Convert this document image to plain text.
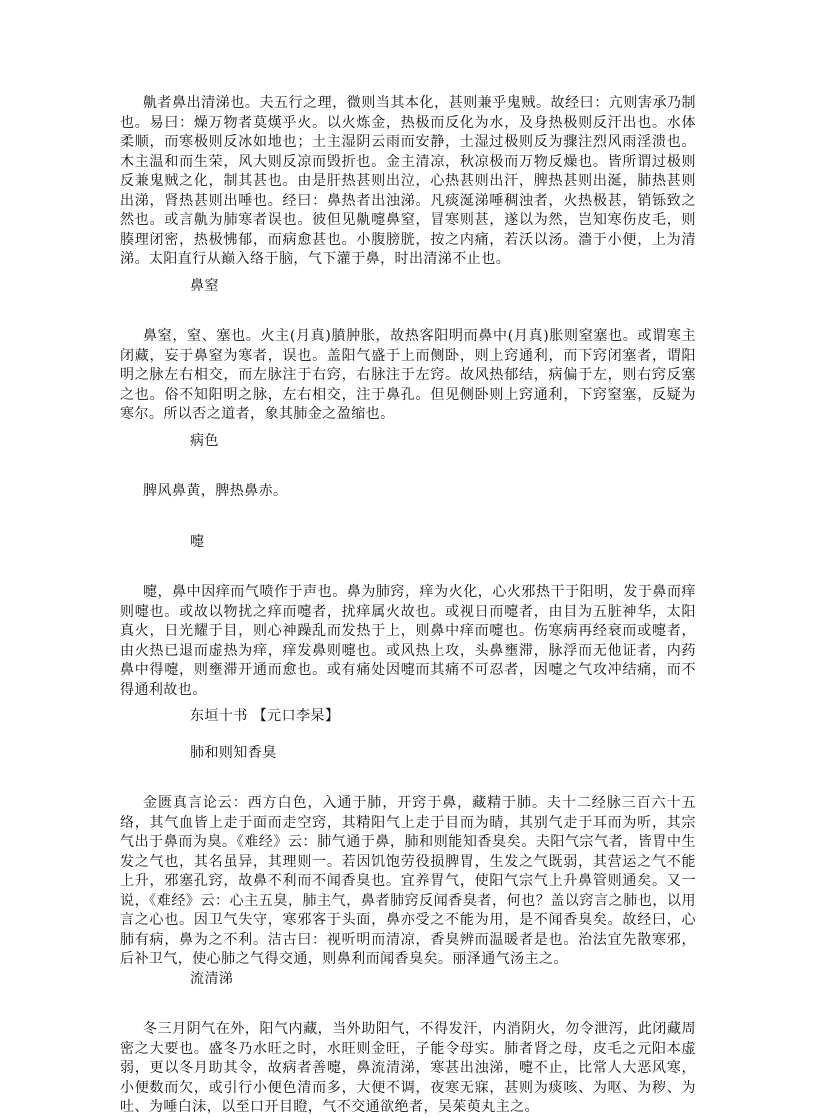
鼽者鼻出清涕也。夫五行之理，微则当其本化，甚则兼乎鬼贼。故经曰：亢则害承乃制也。易曰：燥万物者莫熯乎火。以火炼金，热极而反化为水，及身热极则反汗出也。水体柔顺，而寒极则反冰如地也；土主湿阴云雨而安静，土湿过极则反为骤注烈风雨淫溃也。木主温和而生荣，风大则反凉而毁折也。金主清凉，秋凉极而万物反燥也。皆所谓过极则反兼鬼贼之化，制其甚也。由是肝热甚则出泣，心热甚则出汗，脾热甚则出涎，肺热甚则出涕，肾热甚则出唾也。经曰：鼻热者出浊涕。凡痰涎涕唾稠浊者，火热极甚，销铄致之然也。或言鼽为肺寒者误也。彼但见鼽嚏鼻窒，冒寒则甚，遂以为然，岂知寒伤皮毛，则腠理闭密，热极怫郁，而病愈甚也。小腹膀胱，按之内痛，若沃以汤。濇于小便，上为清涕。太阳直行从巅入络于脑，气下灌于鼻，时出清涕不止也。

鼻窒

鼻窒，窒、塞也。火主(月真)膹肿胀，故热客阳明而鼻中(月真)胀则窒塞也。或谓寒主闭藏，妄于鼻窒为寒者，误也。盖阳气盛于上而侧卧，则上窍通利，而下窍闭塞者，谓阳明之脉左右相交，而左脉注于右窍，右脉注于左窍。故风热郁结，病偏于左，则右窍反塞之也。俗不知阳明之脉，左右相交，注于鼻孔。但见侧卧则上窍通利，下窍窒塞，反疑为寒尔。所以否之道者，象其肺金之盈缩也。

病色

脾风鼻黄，脾热鼻赤。

嚏

嚏，鼻中因痒而气喷作于声也。鼻为肺窍，痒为火化，心火邪热干于阳明，发于鼻而痒则嚏也。或故以物扰之痒而嚏者，扰痒属火故也。或视日而嚏者，由目为五脏神华，太阳真火，日光耀于目，则心神躁乱而发热于上，则鼻中痒而嚏也。伤寒病再经衰而或嚏者，由火热已退而虚热为痒，痒发鼻则嚏也。或风热上攻，头鼻壅滞，脉浮而无他证者，内药鼻中得嚏，则壅滞开通而愈也。或有痛处因嚏而其痛不可忍者，因嚏之气攻冲结痛，而不得通利故也。

东垣十书 【元口李杲】

肺和则知香臭

金匮真言论云：西方白色，入通于肺，开窍于鼻，藏精于肺。夫十二经脉三百六十五络，其气血皆上走于面而走空窍，其精阳气上走于目而为睛，其别气走于耳而为听，其宗气出于鼻而为臭。《难经》云：肺气通于鼻，肺和则能知香臭矣。夫阳气宗气者，皆胃中生发之气也，其名虽异，其理则一。若因饥饱劳役损脾胃，生发之气既弱，其营运之气不能上升，邪塞孔窍，故鼻不利而不闻香臭也。宜养胃气，使阳气宗气上升鼻管则通矣。又一说，《难经》云：心主五臭，肺主气，鼻者肺窍反闻香臭者，何也？盖以窍言之肺也，以用言之心也。因卫气失守，寒邪客于头面，鼻亦受之不能为用，是不闻香臭矣。故经曰，心肺有病，鼻为之不利。洁古曰：视听明而清凉，香臭辨而温暖者是也。治法宜先散寒邪，后补卫气，使心肺之气得交通，则鼻利而闻香臭矣。丽泽通气汤主之。

流清涕

冬三月阴气在外，阳气内藏，当外助阳气，不得发汗，内消阴火，勿令泄泻，此闭藏周密之大要也。盛冬乃水旺之时，水旺则金旺，子能令母实。肺者肾之母，皮毛之元阳本虚弱，更以冬月助其令，故病者善嚏，鼻流清涕，寒甚出浊涕，嚏不止，比常人大恶风寒，小便数而欠，或引行小便色清而多，大便不调，夜寒无寐，甚则为痰咳、为呕、为秽、为吐、为唾白沫，以至口开目瞪，气不交通欲绝者，吴茱萸丸主之。
